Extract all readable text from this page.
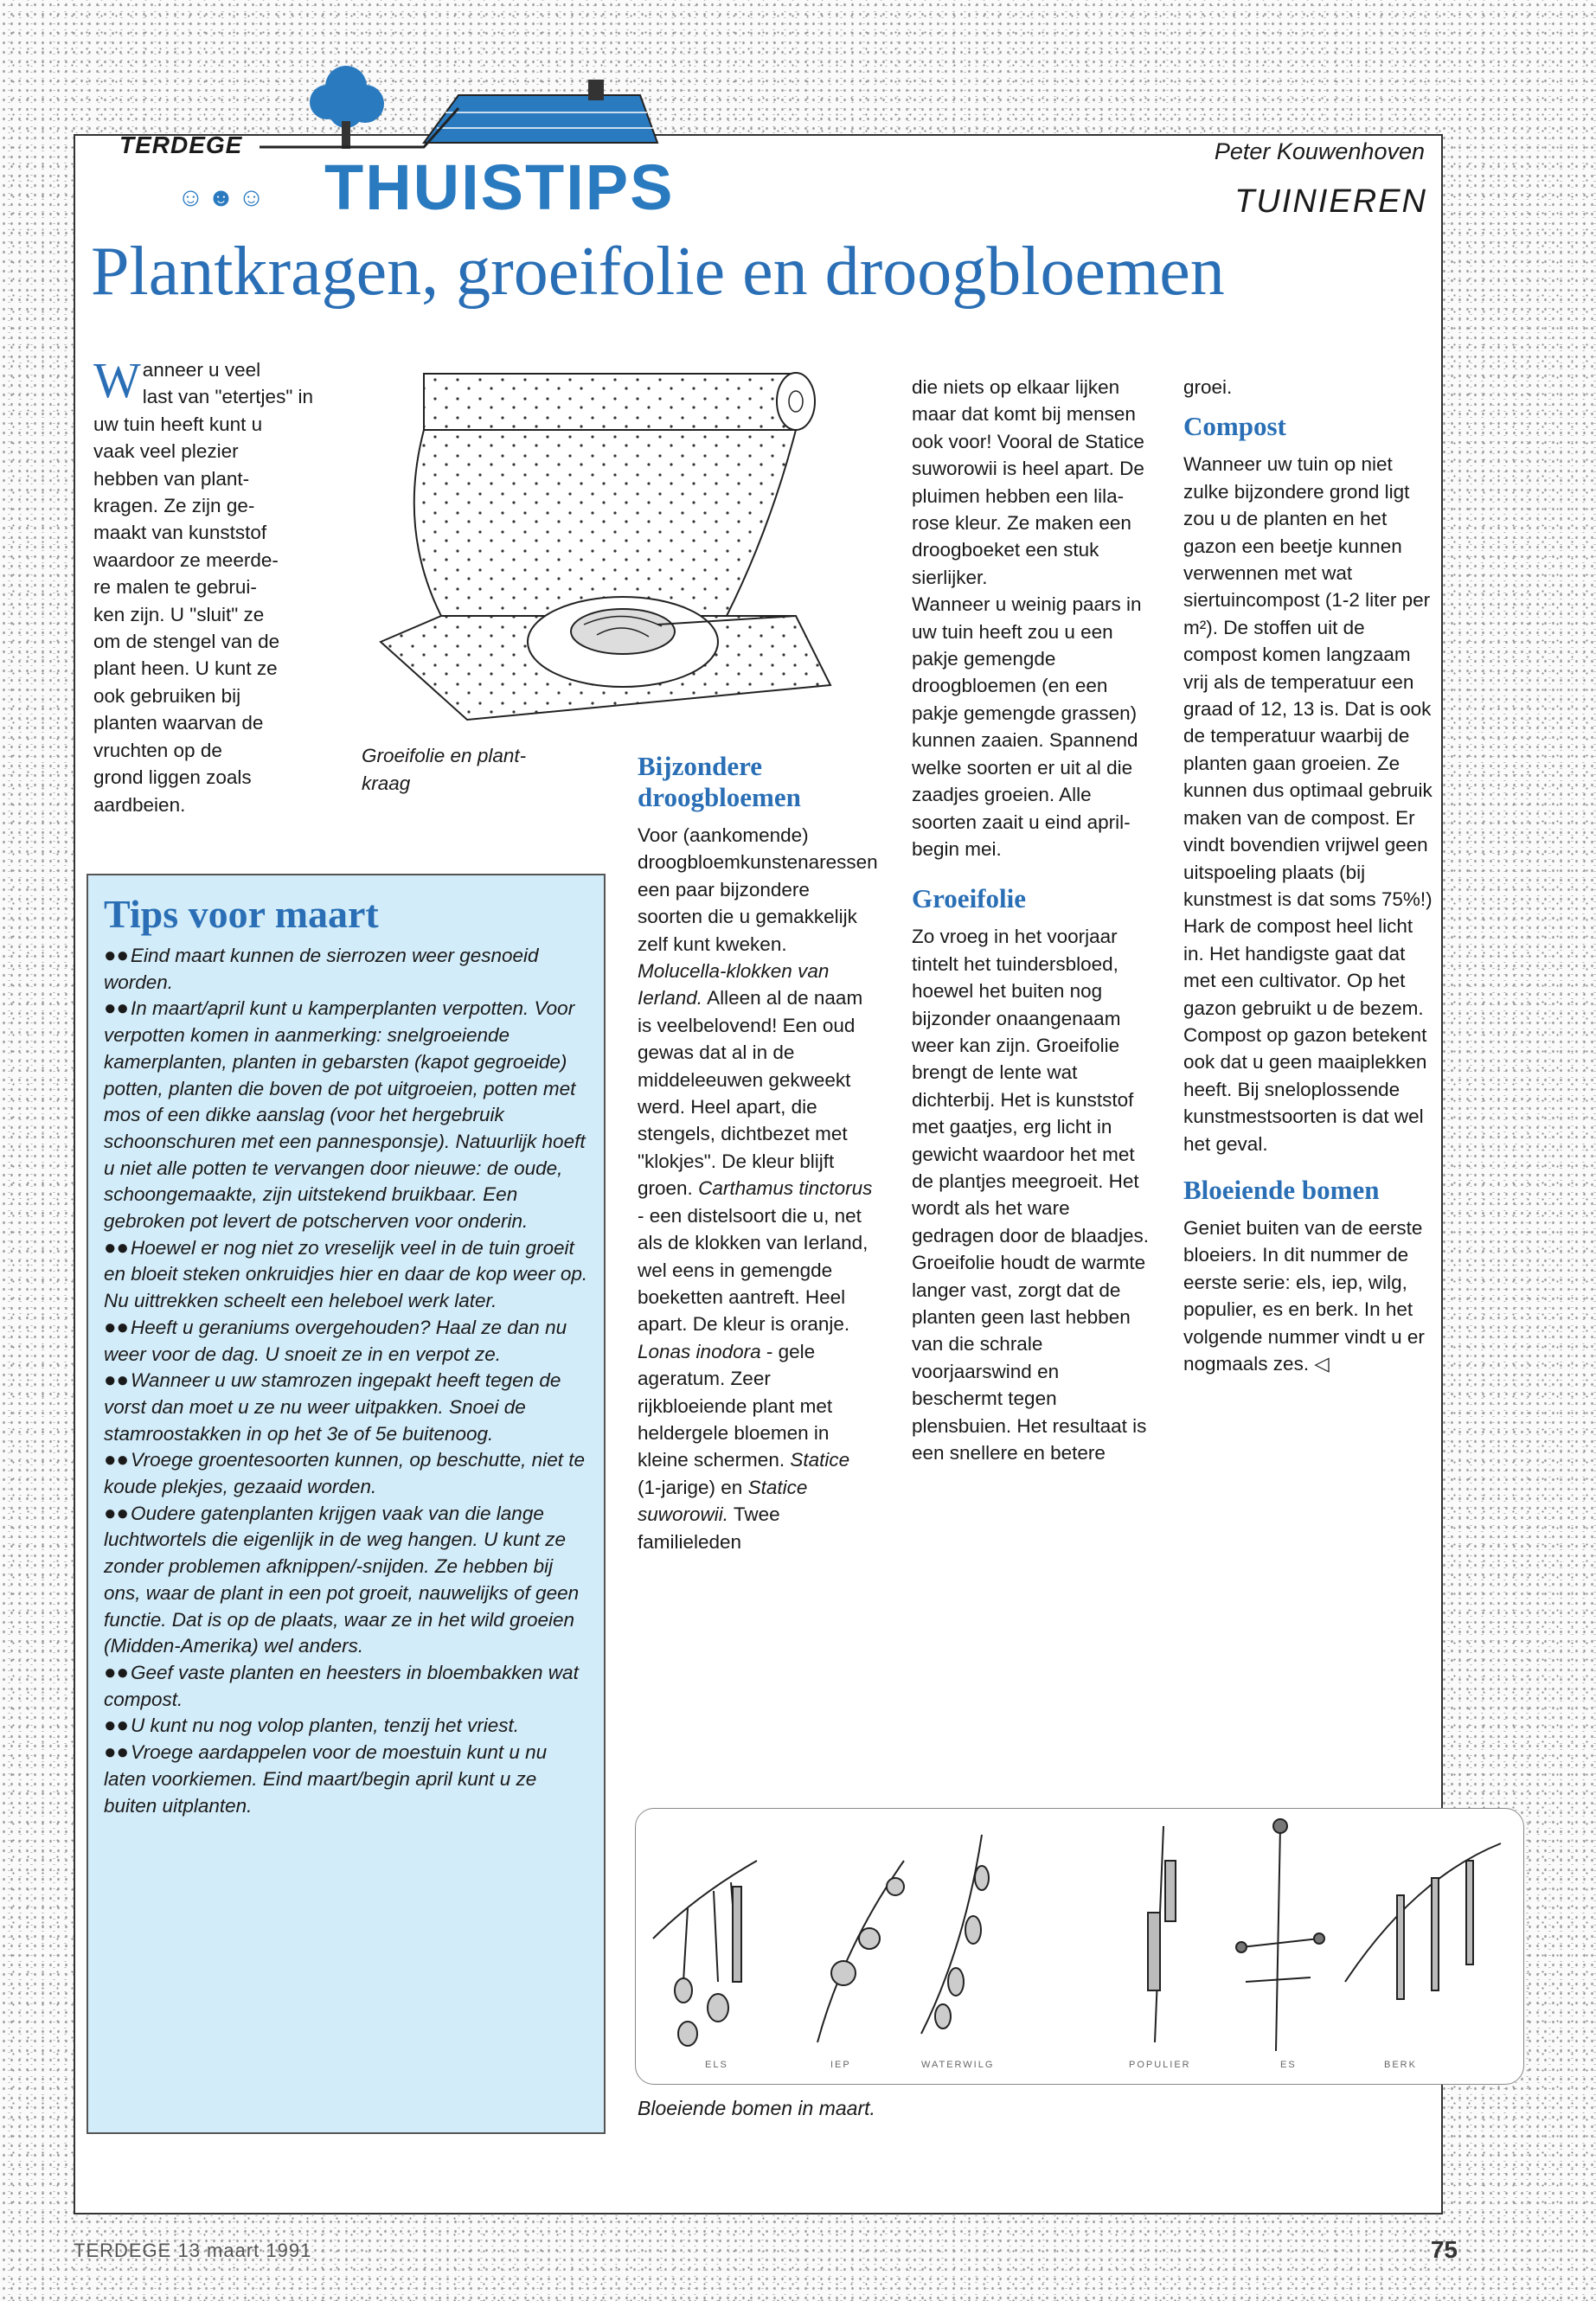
TERDEGE
☺☻☺ THUISTIPS	Peter Kouwenhoven
TUINIEREN
Plantkragen, groeifolie en droogbloemen
W anneer u veel
last van "etertjes" in
uw tuin heeft kunt u
vaak veel plezier
hebben van plant-
kragen. Ze zijn ge-
maakt van kunststof
waardoor ze meerde-
re malen te gebrui-
ken zijn. U "sluit" ze
om de stengel van de
plant heen. U kunt ze
ook gebruiken bij
planten waarvan de
vruchten op de
grond liggen zoals
aardbeien.
Groeifolie en plant-
kraag
Tips voor maart

●●Eind maart kunnen de sierrozen weer gesnoeid worden.

●●In maart/april kunt u kamperplanten verpotten. Voor verpotten komen in aanmerking: snelgroeiende kamerplanten, planten in gebarsten (kapot gegroeide) potten, planten die boven de pot uitgroeien, potten met mos of een dikke aanslag (voor het hergebruik schoonschuren met een pannesponsje). Natuurlijk hoeft u niet alle potten te vervangen door nieuwe: de oude, schoongemaakte, zijn uitstekend bruikbaar. Een gebroken pot levert de potscherven voor onderin.

●●Hoewel er nog niet zo vreselijk veel in de tuin groeit en bloeit steken onkruidjes hier en daar de kop weer op. Nu uittrekken scheelt een heleboel werk later.

●●Heeft u geraniums overgehouden? Haal ze dan nu weer voor de dag. U snoeit ze in en verpot ze.

●●Wanneer u uw stamrozen ingepakt heeft tegen de vorst dan moet u ze nu weer uitpakken. Snoei de stamroostakken in op het 3e of 5e buitenoog.

●●Vroege groentesoorten kunnen, op beschutte, niet te koude plekjes, gezaaid worden.

●●Oudere gatenplanten krijgen vaak van die lange luchtwortels die eigenlijk in de weg hangen. U kunt ze zonder problemen afknippen/-snijden. Ze hebben bij ons, waar de plant in een pot groeit, nauwelijks of geen functie. Dat is op de plaats, waar ze in het wild groeien (Midden-Amerika) wel anders.

●●Geef vaste planten en heesters in bloembakken wat compost.

●●U kunt nu nog volop planten, tenzij het vriest.

●●Vroege aardappelen voor de moestuin kunt u nu laten voorkiemen. Eind maart/begin april kunt u ze buiten uitplanten.

Bijzondere
droogbloemen

Voor (aankomende) droogbloemkunstenaressen een paar bijzondere soorten die u gemakkelijk zelf kunt kweken.

Molucella-klokken van Ierland. Alleen al de naam is veelbelovend! Een oud gewas dat al in de middeleeuwen gekweekt werd. Heel apart, die stengels, dichtbezet met "klokjes". De kleur blijft groen. Carthamus tinctorus - een distelsoort die u, net als de klokken van Ierland, wel eens in gemengde boeketten aantreft. Heel apart. De kleur is oranje. Lonas inodora - gele ageratum. Zeer rijkbloeiende plant met heldergele bloemen in kleine schermen. Statice (1-jarige) en Statice suworowii. Twee familieleden

die niets op elkaar lijken maar dat komt bij mensen ook voor! Vooral de Statice suworowii is heel apart. De pluimen hebben een lila-rose kleur. Ze maken een droogboeket een stuk sierlijker.

Wanneer u weinig paars in uw tuin heeft zou u een pakje gemengde droogbloemen (en een pakje gemengde grassen) kunnen zaaien. Spannend welke soorten er uit al die zaadjes groeien. Alle soorten zaait u eind april-begin mei.

Groeifolie

Zo vroeg in het voorjaar tintelt het tuindersbloed, hoewel het buiten nog bijzonder onaangenaam weer kan zijn. Groeifolie brengt de lente wat dichterbij. Het is kunststof met gaatjes, erg licht in gewicht waardoor het met de plantjes meegroeit. Het wordt als het ware gedragen door de blaadjes. Groeifolie houdt de warmte langer vast, zorgt dat de planten geen last hebben van die schrale voorjaarswind en beschermt tegen plensbuien. Het resultaat is een snellere en betere

groei.

Compost

Wanneer uw tuin op niet zulke bijzondere grond ligt zou u de planten en het gazon een beetje kunnen verwennen met wat siertuincompost (1-2 liter per m²). De stoffen uit de compost komen langzaam vrij als de temperatuur een graad of 12, 13 is. Dat is ook de temperatuur waarbij de planten gaan groeien. Ze kunnen dus optimaal gebruik maken van de compost. Er vindt bovendien vrijwel geen uitspoeling plaats (bij kunstmest is dat soms 75%!) Hark de compost heel licht in. Het handigste gaat dat met een cultivator. Op het gazon gebruikt u de bezem. Compost op gazon betekent ook dat u geen maaiplekken heeft. Bij sneloplossende kunstmestsoorten is dat wel het geval.

Bloeiende bomen

Geniet buiten van de eerste bloeiers. In dit nummer de eerste serie: els, iep, wilg, populier, es en berk. In het volgende nummer vindt u er nogmaals zes. ◁

ELS	IEP	WATERWILG	POPULIER	ES	BERK
Bloeiende bomen in maart.
TERDEGE 13 maart 1991	75
